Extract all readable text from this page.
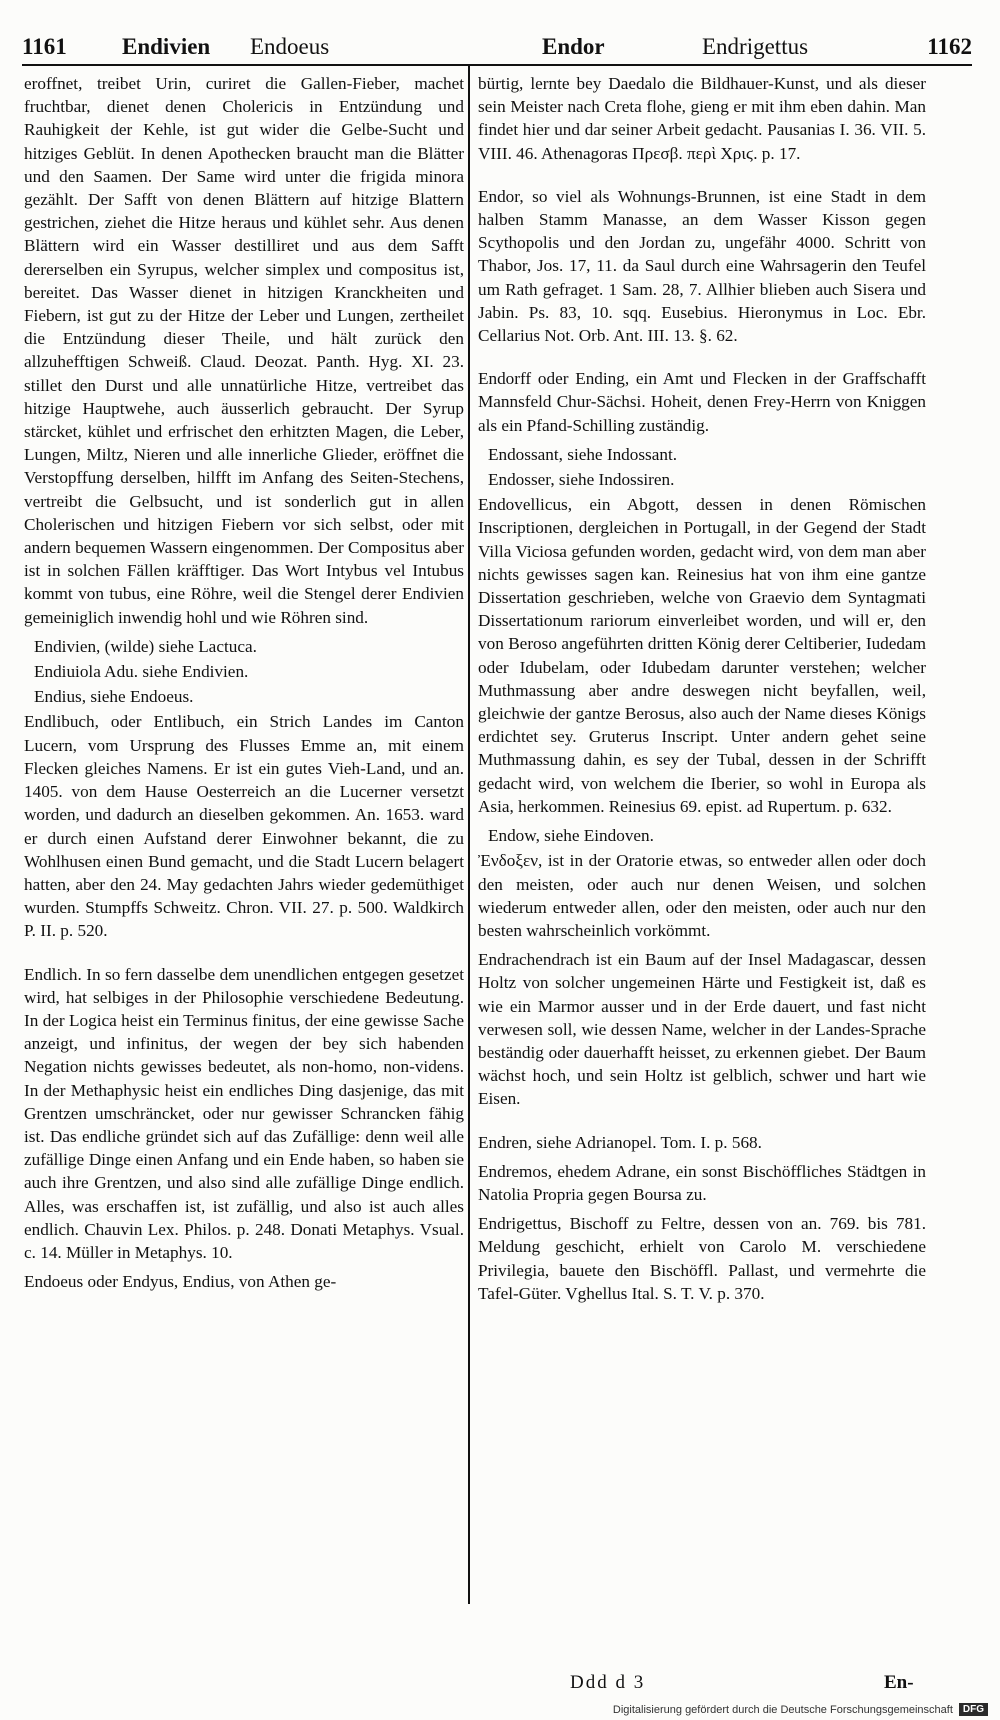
1161 Endivien Endoeus	Endor	Endrigettus	1162

eroffnet, treibet Urin, curiret die Gallen-Fieber, machet fruchtbar, dienet denen Cholericis in Entzündung und Rauhigkeit der Kehle, ist gut wider die Gelbe-Sucht und hitziges Geblüt. In denen Apothecken braucht man die Blätter und den Saamen. Der Same wird unter die frigida minora gezählt. Der Safft von denen Blättern auf hitzige Blattern gestrichen, ziehet die Hitze heraus und kühlet sehr. Aus denen Blättern wird ein Wasser destilliret und aus dem Safft dererselben ein Syrupus, welcher simplex und compositus ist, bereitet. Das Wasser dienet in hitzigen Kranckheiten und Fiebern, ist gut zu der Hitze der Leber und Lungen, zertheilet die Entzündung dieser Theile, und hält zurück den allzuhefftigen Schweiß. Claud. Deozat. Panth. Hyg. XI. 23. stillet den Durst und alle unnatürliche Hitze, vertreibet das hitzige Hauptwehe, auch äusserlich gebraucht. Der Syrup stärcket, kühlet und erfrischet den erhitzten Magen, die Leber, Lungen, Miltz, Nieren und alle innerliche Glieder, eröffnet die Verstopffung derselben, hilfft im Anfang des Seiten-Stechens, vertreibt die Gelbsucht, und ist sonderlich gut in allen Cholerischen und hitzigen Fiebern vor sich selbst, oder mit andern bequemen Wassern eingenommen. Der Compositus aber ist in solchen Fällen kräfftiger. Das Wort Intybus vel Intubus kommt von tubus, eine Röhre, weil die Stengel derer Endivien gemeiniglich inwendig hohl und wie Röhren sind.

Endivien, (wilde) siehe Lactuca.

Endiuiola Adu. siehe Endivien.

Endius, siehe Endoeus.

Endlibuch, oder Entlibuch, ein Strich Landes im Canton Lucern, vom Ursprung des Flusses Emme an, mit einem Flecken gleiches Namens. Er ist ein gutes Vieh-Land, und an. 1405. von dem Hause Oesterreich an die Lucerner versetzt worden, und dadurch an dieselben gekommen. An. 1653. ward er durch einen Aufstand derer Einwohner bekannt, die zu Wohlhusen einen Bund gemacht, und die Stadt Lucern belagert hatten, aber den 24. May gedachten Jahrs wieder gedemüthiget wurden. Stumpffs Schweitz. Chron. VII. 27. p. 500. Waldkirch P. II. p. 520.

Endlich. In so fern dasselbe dem unendlichen entgegen gesetzet wird, hat selbiges in der Philosophie verschiedene Bedeutung. In der Logica heist ein Terminus finitus, der eine gewisse Sache anzeigt, und infinitus, der wegen der bey sich habenden Negation nichts gewisses bedeutet, als non-homo, non-videns. In der Methaphysic heist ein endliches Ding dasjenige, das mit Grentzen umschräncket, oder nur gewisser Schrancken fähig ist. Das endliche gründet sich auf das Zufällige: denn weil alle zufällige Dinge einen Anfang und ein Ende haben, so haben sie auch ihre Grentzen, und also sind alle zufällige Dinge endlich. Alles, was erschaffen ist, ist zufällig, und also ist auch alles endlich. Chauvin Lex. Philos. p. 248. Donati Metaphys. Vsual. c. 14. Müller in Metaphys. 10.

Endoeus oder Endyus, Endius, von Athen ge-

bürtig, lernte bey Daedalo die Bildhauer-Kunst, und als dieser sein Meister nach Creta flohe, gieng er mit ihm eben dahin. Man findet hier und dar seiner Arbeit gedacht. Pausanias I. 36. VII. 5. VIII. 46. Athenagoras Πρεσβ. περὶ Χριϛ. p. 17.

Endor, so viel als Wohnungs-Brunnen, ist eine Stadt in dem halben Stamm Manasse, an dem Wasser Kisson gegen Scythopolis und den Jordan zu, ungefähr 4000. Schritt von Thabor, Jos. 17, 11. da Saul durch eine Wahrsagerin den Teufel um Rath gefraget. 1 Sam. 28, 7. Allhier blieben auch Sisera und Jabin. Ps. 83, 10. sqq. Eusebius. Hieronymus in Loc. Ebr. Cellarius Not. Orb. Ant. III. 13. §. 62.

Endorff oder Ending, ein Amt und Flecken in der Graffschafft Mannsfeld Chur-Sächsi. Hoheit, denen Frey-Herrn von Kniggen als ein Pfand-Schilling zuständig.

Endossant, siehe Indossant.

Endosser, siehe Indossiren.

Endovellicus, ein Abgott, dessen in denen Römischen Inscriptionen, dergleichen in Portugall, in der Gegend der Stadt Villa Viciosa gefunden worden, gedacht wird, von dem man aber nichts gewisses sagen kan. Reinesius hat von ihm eine gantze Dissertation geschrieben, welche von Graevio dem Syntagmati Dissertationum rariorum einverleibet worden, und will er, den von Beroso angeführten dritten König derer Celtiberier, Iudedam oder Idubelam, oder Idubedam darunter verstehen; welcher Muthmassung aber andre deswegen nicht beyfallen, weil, gleichwie der gantze Berosus, also auch der Name dieses Königs erdichtet sey. Gruterus Inscript. Unter andern gehet seine Muthmassung dahin, es sey der Tubal, dessen in der Schrifft gedacht wird, von welchem die Iberier, so wohl in Europa als Asia, herkommen. Reinesius 69. epist. ad Rupertum. p. 632.

Endow, siehe Eindoven.

Ἐνδοξεν, ist in der Oratorie etwas, so entweder allen oder doch den meisten, oder auch nur denen Weisen, und solchen wiederum entweder allen, oder den meisten, oder auch nur den besten wahrscheinlich vorkömmt.

Endrachendrach ist ein Baum auf der Insel Madagascar, dessen Holtz von solcher ungemeinen Härte und Festigkeit ist, daß es wie ein Marmor ausser und in der Erde dauert, und fast nicht verwesen soll, wie dessen Name, welcher in der Landes-Sprache beständig oder dauerhafft heisset, zu erkennen giebet. Der Baum wächst hoch, und sein Holtz ist gelblich, schwer und hart wie Eisen.

Endren, siehe Adrianopel. Tom. I. p. 568.

Endremos, ehedem Adrane, ein sonst Bischöffliches Städtgen in Natolia Propria gegen Boursa zu.

Endrigettus, Bischoff zu Feltre, dessen von an. 769. bis 781. Meldung geschicht, erhielt von Carolo M. verschiedene Privilegia, bauete den Bischöffl. Pallast, und vermehrte die Tafel-Güter. Vghellus Ital. S. T. V. p. 370.

Ddd d 3	En-
Digitalisierung gefördert durch die Deutsche Forschungsgemeinschaft	DFG
